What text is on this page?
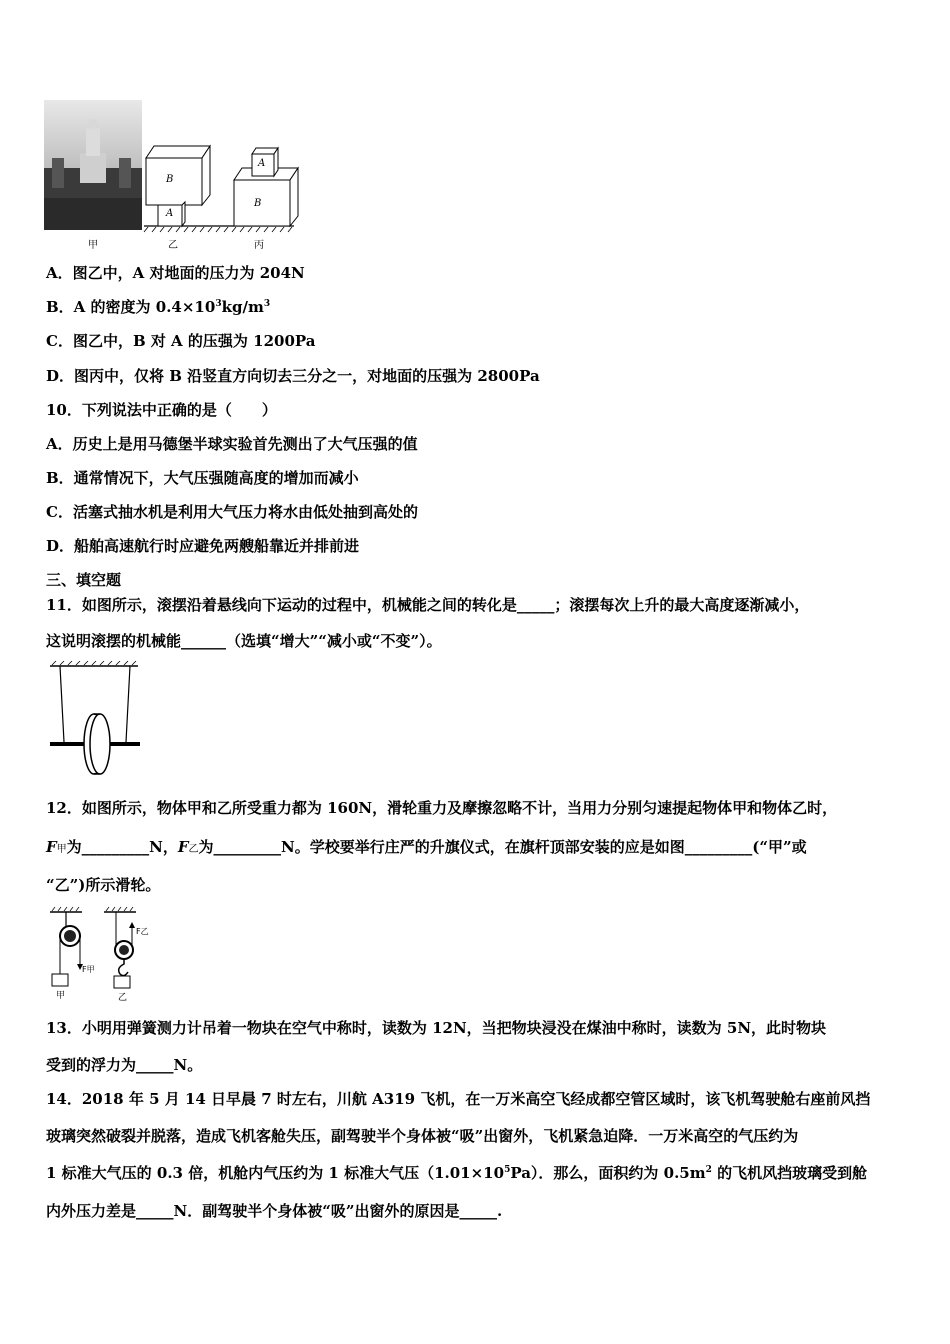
B
A
A
B
甲	乙	丙
A．图乙中，A 对地面的压力为 204N
B．A 的密度为 $0.4\times 10^3kg/m^3$
C．图乙中，B 对 A 的压强为 1200Pa
D．图丙中，仅将 B 沿竖直方向切去三分之一，对地面的压强为 2800Pa
10．下列说法中正确的是（　　）
A．历史上是用马德堡半球实验首先测出了大气压强的值
B．通常情况下，大气压强随高度的增加而减小
C．活塞式抽水机是利用大气压力将水由低处抽到高处的
D．船舶高速航行时应避免两艘船靠近并排前进
三、填空题
11．如图所示，滚摆沿着悬线向下运动的过程中，机械能之间的转化是_____；滚摆每次上升的最大高度逐渐减小，
这说明滚摆的机械能______（选填“增大”“减小或“不变”）。
12．如图所示，物体甲和乙所受重力都为 160N，滑轮重力及摩擦忽略不计，当用力分别匀速提起物体甲和物体乙时，
F甲为_________N，F乙为_________N。学校要举行庄严的升旗仪式，在旗杆顶部安装的应是如图_________(“甲”或
“乙”)所示滑轮。
F甲
F乙
甲	乙
13．小明用弹簧测力计吊着一物块在空气中称时，读数为 12N，当把物块浸没在煤油中称时，读数为 5N，此时物块
受到的浮力为_____N。
14．2018 年 5 月 14 日早晨 7 时左右，川航 A319 飞机，在一万米高空飞经成都空管区域时，该飞机驾驶舱右座前风挡
玻璃突然破裂并脱落，造成飞机客舱失压，副驾驶半个身体被“吸”出窗外，飞机紧急迫降．一万米高空的气压约为
1 标准大气压的 0.3 倍，机舱内气压约为 1 标准大气压$(1.01\times 10^5Pa)$．那么，面积约为 $0.5m^2$ 的飞机风挡玻璃受到舱
内外压力差是_____N．副驾驶半个身体被“吸”出窗外的原因是_____.
